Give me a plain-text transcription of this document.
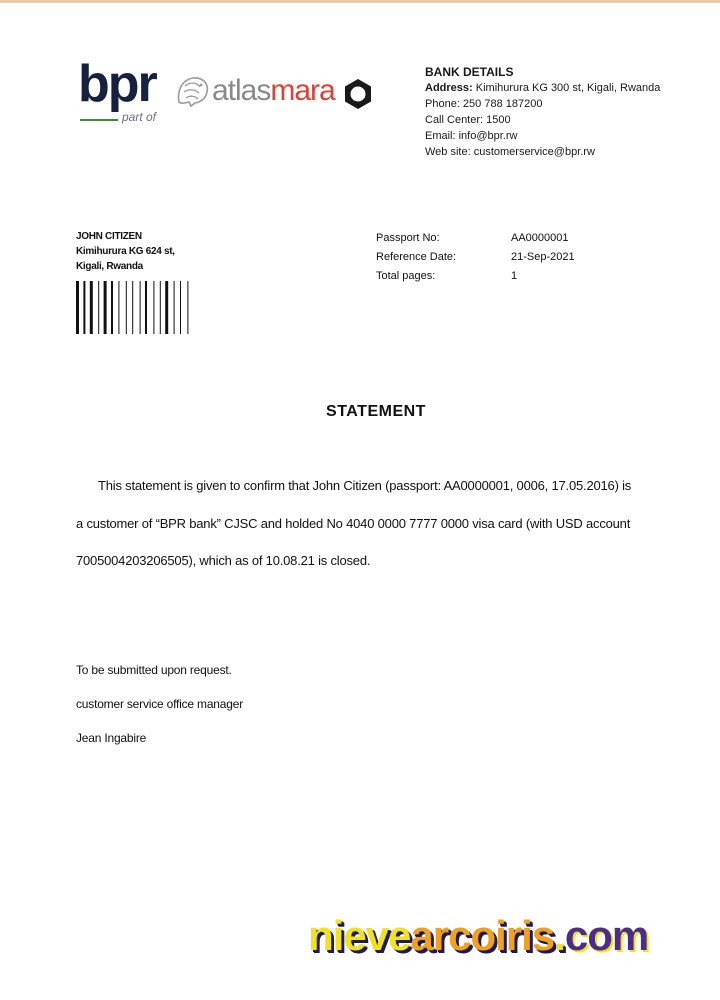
bpr
part of
atlasmara
BANK DETAILS
Address: Kimihurura KG 300 st, Kigali, Rwanda
Phone: 250 788 187200
Call Center: 1500
Email: info@bpr.rw
Web site: customerservice@bpr.rw
JOHN CITIZEN
Kimihurura KG 624 st,
Kigali, Rwanda
Passport No:	AA0000001
Reference Date:	21-Sep-2021
Total pages:	1
STATEMENT
This statement is given to confirm that John Citizen (passport: AA0000001, 0006, 17.05.2016) is
a customer of “BPR bank” CJSC and holded No 4040 0000 7777 0000 visa card (with USD account
7005004203206505), which as of 10.08.21 is closed.
To be submitted upon request.
customer service office manager
Jean Ingabire
nievearcoiris.com
